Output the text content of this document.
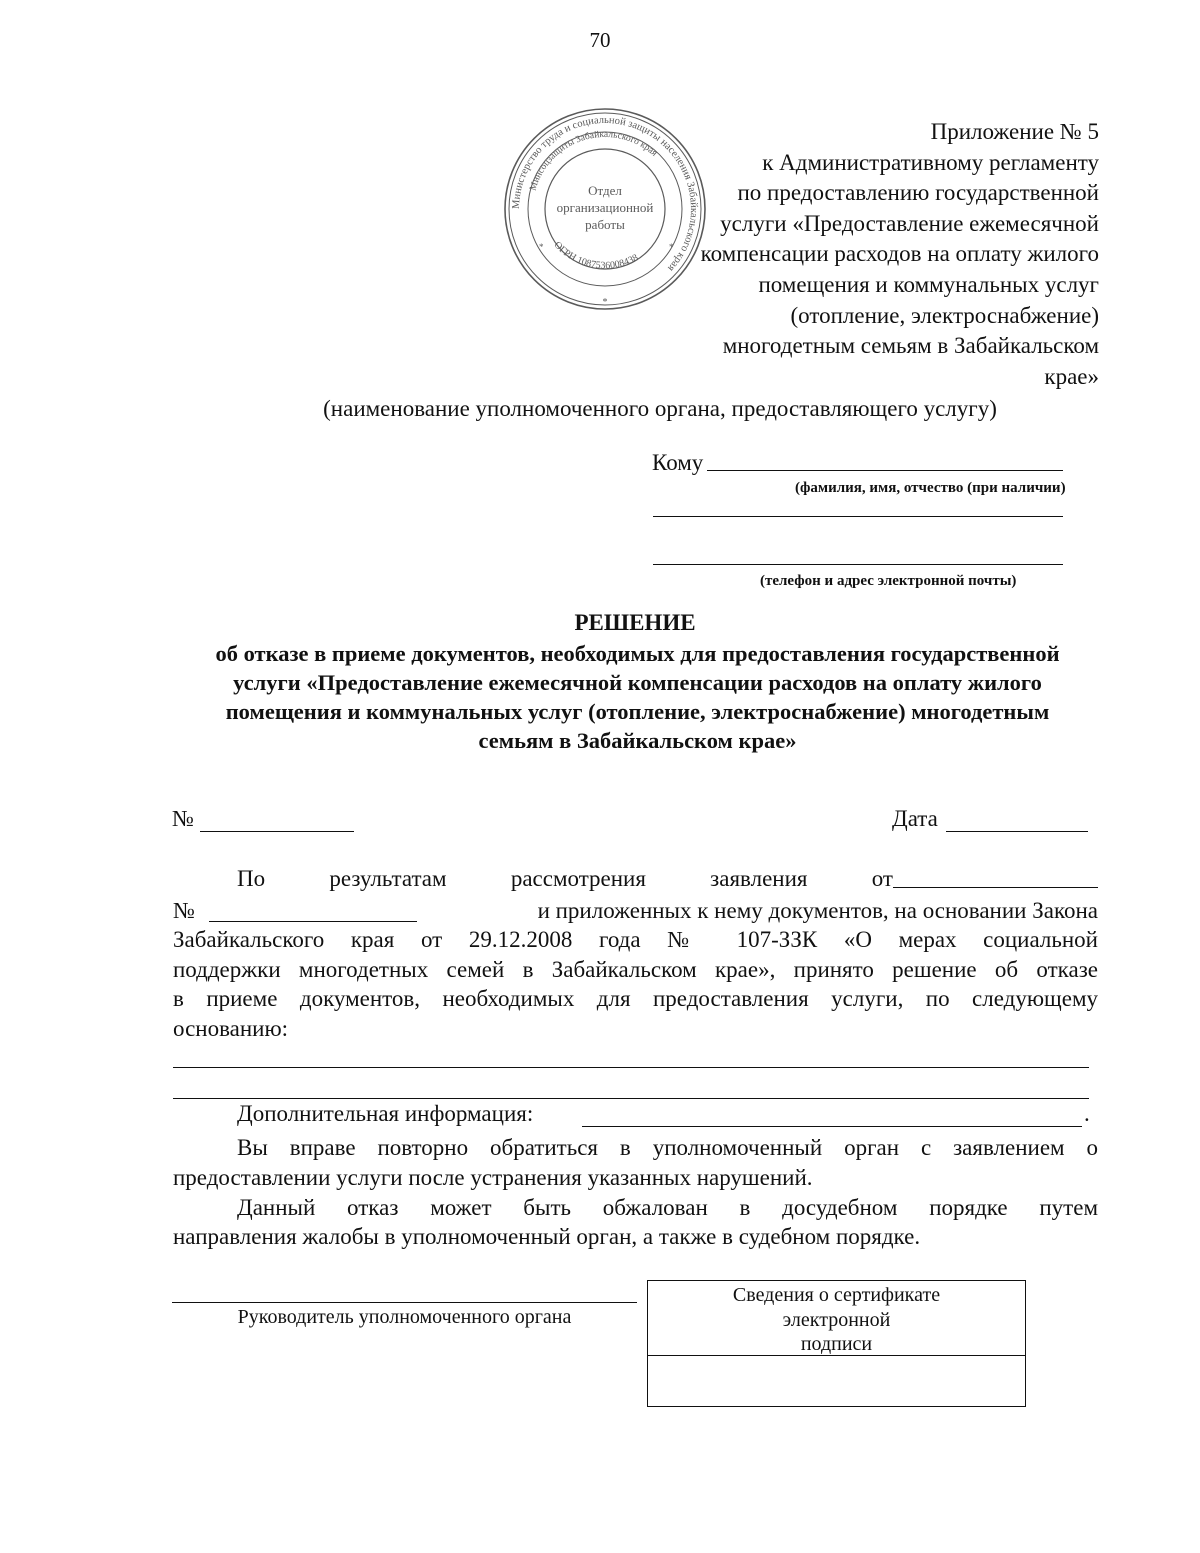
70
Приложение № 5
к Административному регламенту
по предоставлению государственной
услуги «Предоставление ежемесячной
компенсации расходов на оплату жилого
помещения и коммунальных услуг
(отопление, электроснабжение)
многодетным семьям в Забайкальском
крае»
Министерство труда и социальной защиты населения Забайкальского края
Минсоцзащиты Забайкальского края
ОГРН 1087536008438
Отдел
организационной
работы
*
*	*
(наименование уполномоченного органа, предоставляющего услугу)
Кому
(фамилия, имя, отчество (при наличии)
(телефон и адрес электронной почты)
РЕШЕНИЕ
об отказе в приеме документов, необходимых для предоставления государственной
услуги «Предоставление ежемесячной компенсации расходов на оплату жилого
помещения и коммунальных услуг (отопление, электроснабжение) многодетным
семьям в Забайкальском крае»
№	Дата
По	результатам	рассмотрения	заявления	от
№	и приложенных к нему документов, на основании Закона
Забайкальского края от 29.12.2008 года № 107-ЗЗК «О мерах социальной
поддержки многодетных семей в Забайкальском крае», принято решение об отказе
в приеме документов, необходимых для предоставления услуги, по следующему
основанию:
Дополнительная информация:	.
Вы вправе повторно обратиться в уполномоченный орган с заявлением о
предоставлении услуги после устранения указанных нарушений.
Данный отказ может быть обжалован в досудебном порядке путем
направления жалобы в уполномоченный орган, а также в судебном порядке.
Руководитель уполномоченного органа
Сведения о сертификате
электронной
подписи
